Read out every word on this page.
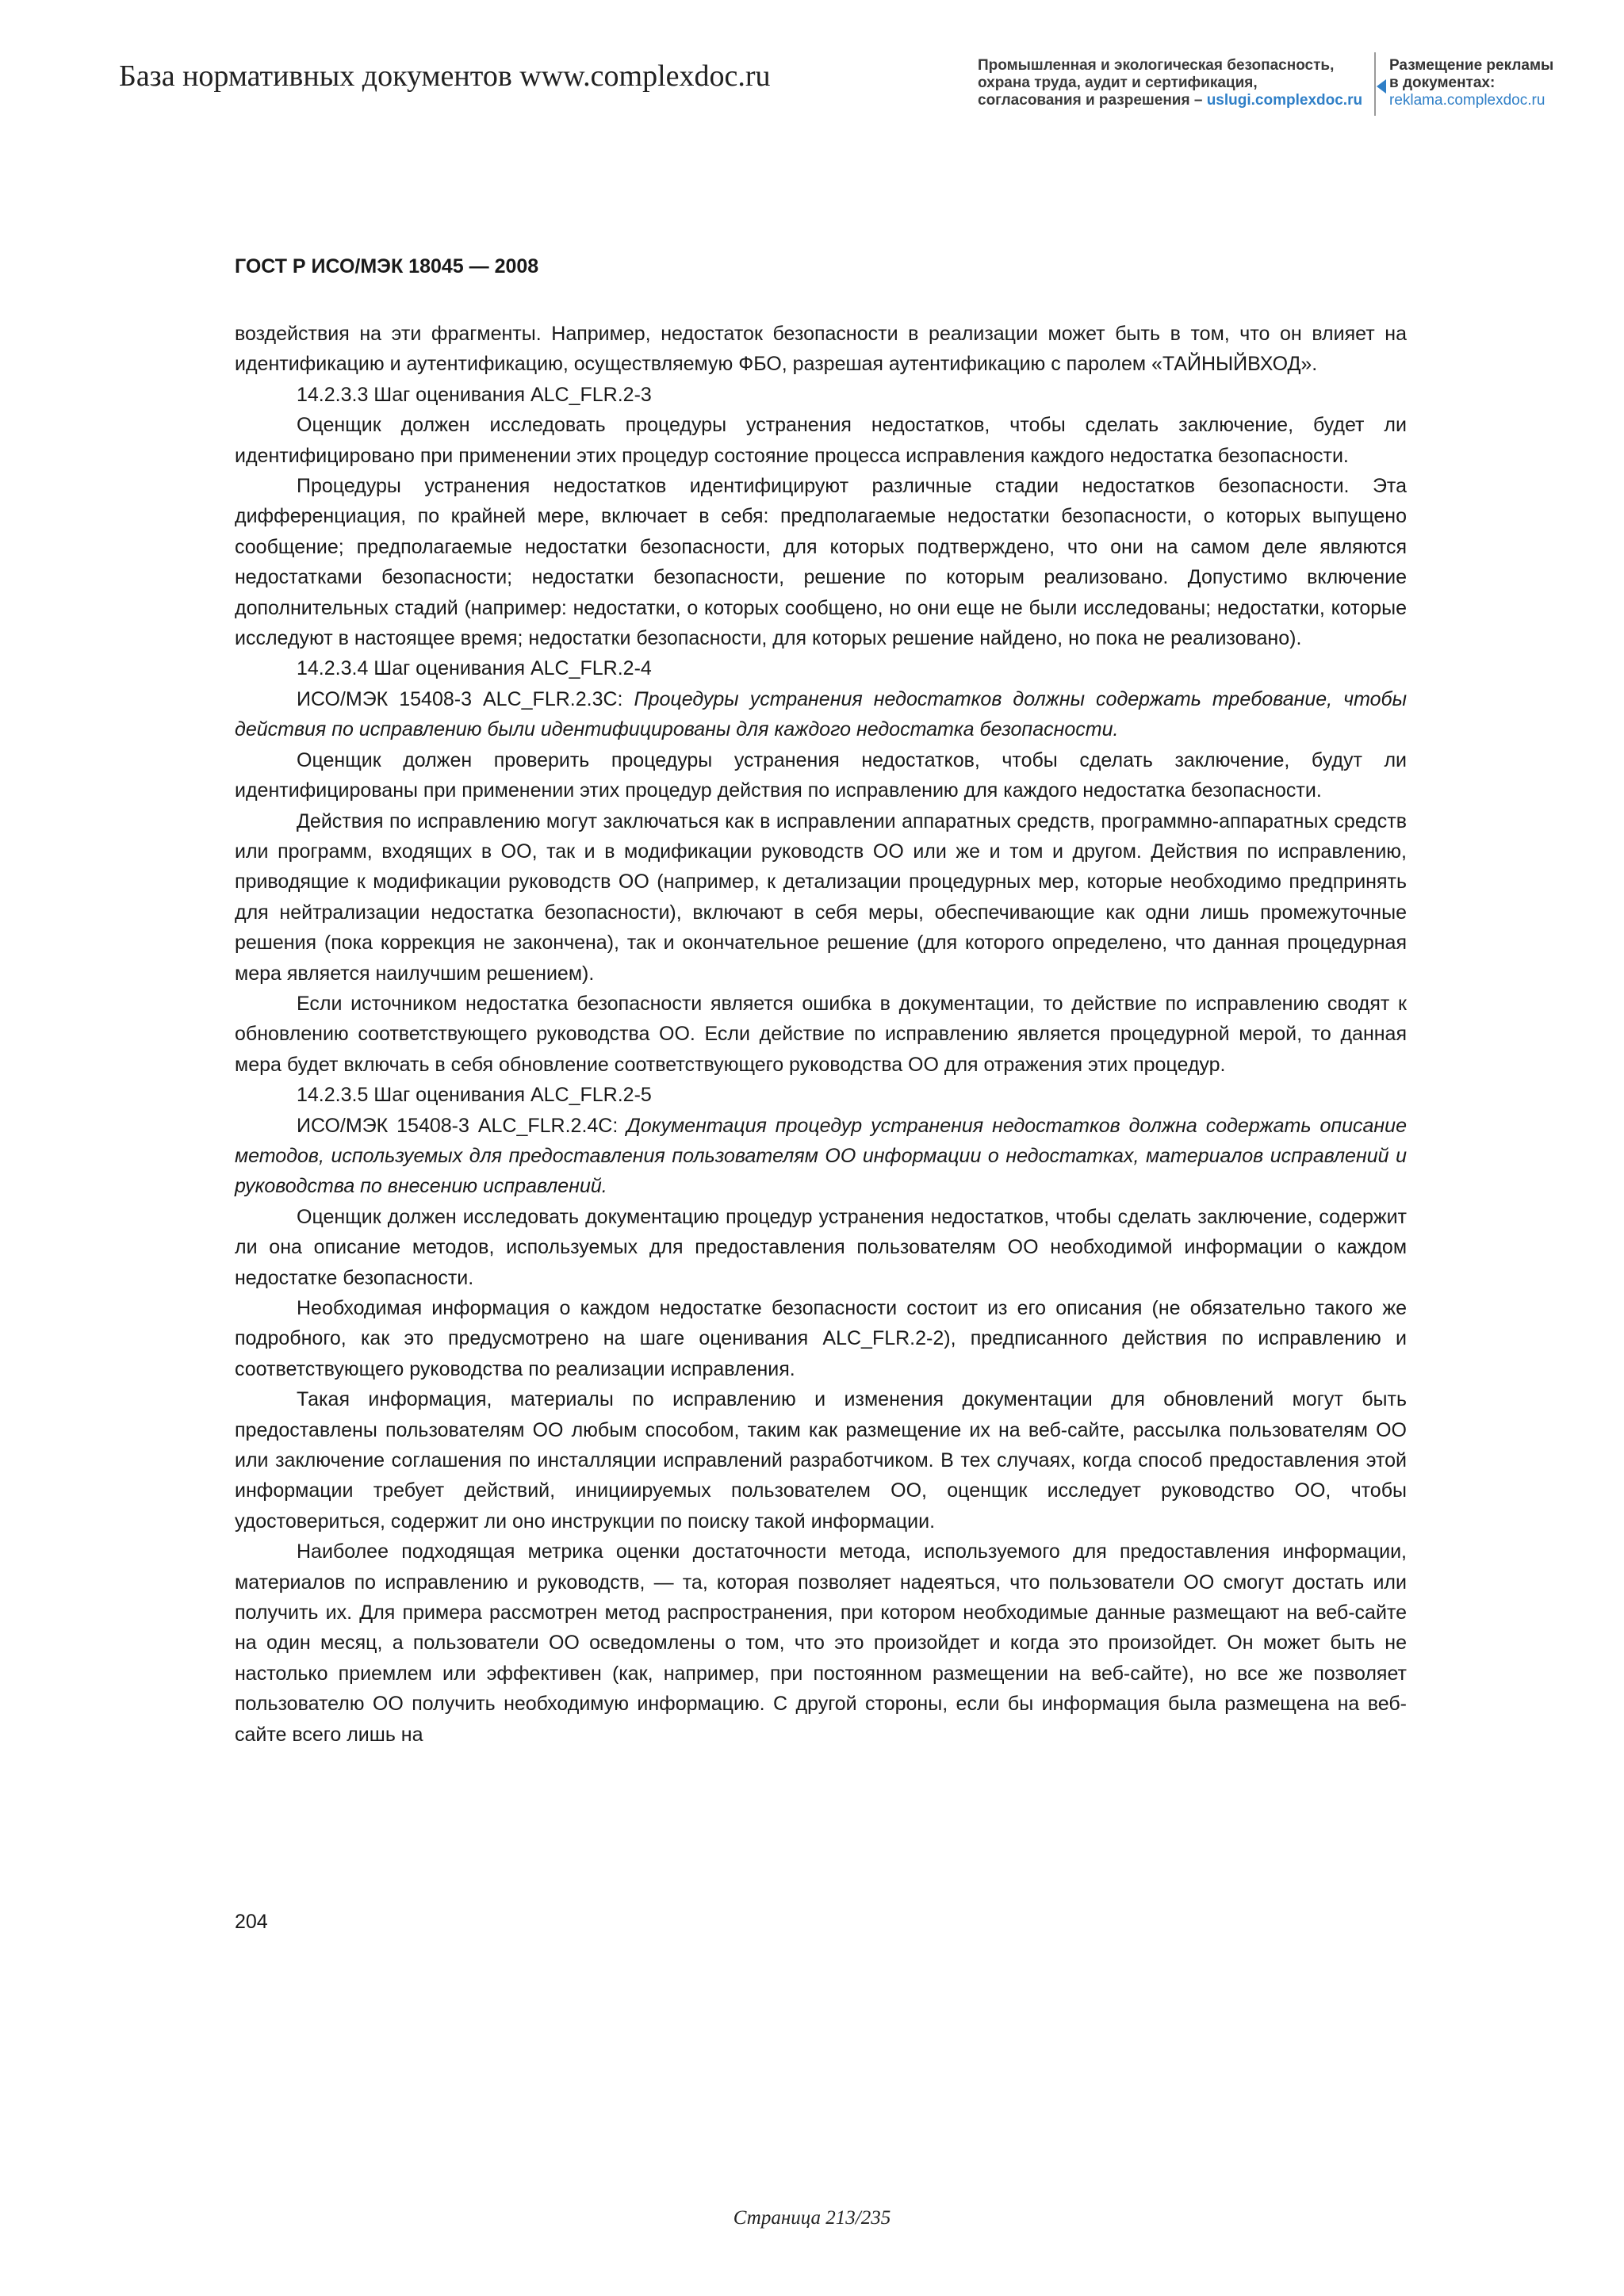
База нормативных документов www.complexdoc.ru	Промышленная и экологическая безопасность,
охрана труда, аудит и сертификация,
согласования и разрешения – uslugi.complexdoc.ru
Размещение рекламы
в документах:
reklama.complexdoc.ru
ГОСТ Р ИСО/МЭК 18045 — 2008

воздействия на эти фрагменты. Например, недостаток безопасности в реализации может быть в том, что он влияет на идентификацию и аутентификацию, осуществляемую ФБО, разрешая аутентификацию с паролем «ТАЙНЫЙВХОД».

14.2.3.3 Шаг оценивания ALC_FLR.2-3

Оценщик должен исследовать процедуры устранения недостатков, чтобы сделать заключение, будет ли идентифицировано при применении этих процедур состояние процесса исправления каждого недостатка безопасности.

Процедуры устранения недостатков идентифицируют различные стадии недостатков безопасности. Эта дифференциация, по крайней мере, включает в себя: предполагаемые недостатки безопасности, о которых выпущено сообщение; предполагаемые недостатки безопасности, для которых подтверждено, что они на самом деле являются недостатками безопасности; недостатки безопасности, решение по которым реализовано. Допустимо включение дополнительных стадий (например: недостатки, о которых сообщено, но они еще не были исследованы; недостатки, которые исследуют в настоящее время; недостатки безопасности, для которых решение найдено, но пока не реализовано).

14.2.3.4 Шаг оценивания ALC_FLR.2-4

ИСО/МЭК 15408-3 ALC_FLR.2.3C: Процедуры устранения недостатков должны содержать требование, чтобы действия по исправлению были идентифицированы для каждого недостатка безопасности.

Оценщик должен проверить процедуры устранения недостатков, чтобы сделать заключение, будут ли идентифицированы при применении этих процедур действия по исправлению для каждого недостатка безопасности.

Действия по исправлению могут заключаться как в исправлении аппаратных средств, программно-аппаратных средств или программ, входящих в ОО, так и в модификации руководств ОО или же и том и другом. Действия по исправлению, приводящие к модификации руководств ОО (например, к детализации процедурных мер, которые необходимо предпринять для нейтрализации недостатка безопасности), включают в себя меры, обеспечивающие как одни лишь промежуточные решения (пока коррекция не закончена), так и окончательное решение (для которого определено, что данная процедурная мера является наилучшим решением).

Если источником недостатка безопасности является ошибка в документации, то действие по исправлению сводят к обновлению соответствующего руководства ОО. Если действие по исправлению является процедурной мерой, то данная мера будет включать в себя обновление соответствующего руководства ОО для отражения этих процедур.

14.2.3.5 Шаг оценивания ALC_FLR.2-5

ИСО/МЭК 15408-3 ALC_FLR.2.4C: Документация процедур устранения недостатков должна содержать описание методов, используемых для предоставления пользователям ОО информации о недостатках, материалов исправлений и руководства по внесению исправлений.

Оценщик должен исследовать документацию процедур устранения недостатков, чтобы сделать заключение, содержит ли она описание методов, используемых для предоставления пользователям ОО необходимой информации о каждом недостатке безопасности.

Необходимая информация о каждом недостатке безопасности состоит из его описания (не обязательно такого же подробного, как это предусмотрено на шаге оценивания ALC_FLR.2-2), предписанного действия по исправлению и соответствующего руководства по реализации исправления.

Такая информация, материалы по исправлению и изменения документации для обновлений могут быть предоставлены пользователям ОО любым способом, таким как размещение их на веб-сайте, рассылка пользователям ОО или заключение соглашения по инсталляции исправлений разработчиком. В тех случаях, когда способ предоставления этой информации требует действий, инициируемых пользователем ОО, оценщик исследует руководство ОО, чтобы удостовериться, содержит ли оно инструкции по поиску такой информации.

Наиболее подходящая метрика оценки достаточности метода, используемого для предоставления информации, материалов по исправлению и руководств, — та, которая позволяет надеяться, что пользователи ОО смогут достать или получить их. Для примера рассмотрен метод распространения, при котором необходимые данные размещают на веб-сайте на один месяц, а пользователи ОО осведомлены о том, что это произойдет и когда это произойдет. Он может быть не настолько приемлем или эффективен (как, например, при постоянном размещении на веб-сайте), но все же позволяет пользователю ОО получить необходимую информацию. С другой стороны, если бы информация была размещена на веб-сайте всего лишь на

204
Страница 213/235
